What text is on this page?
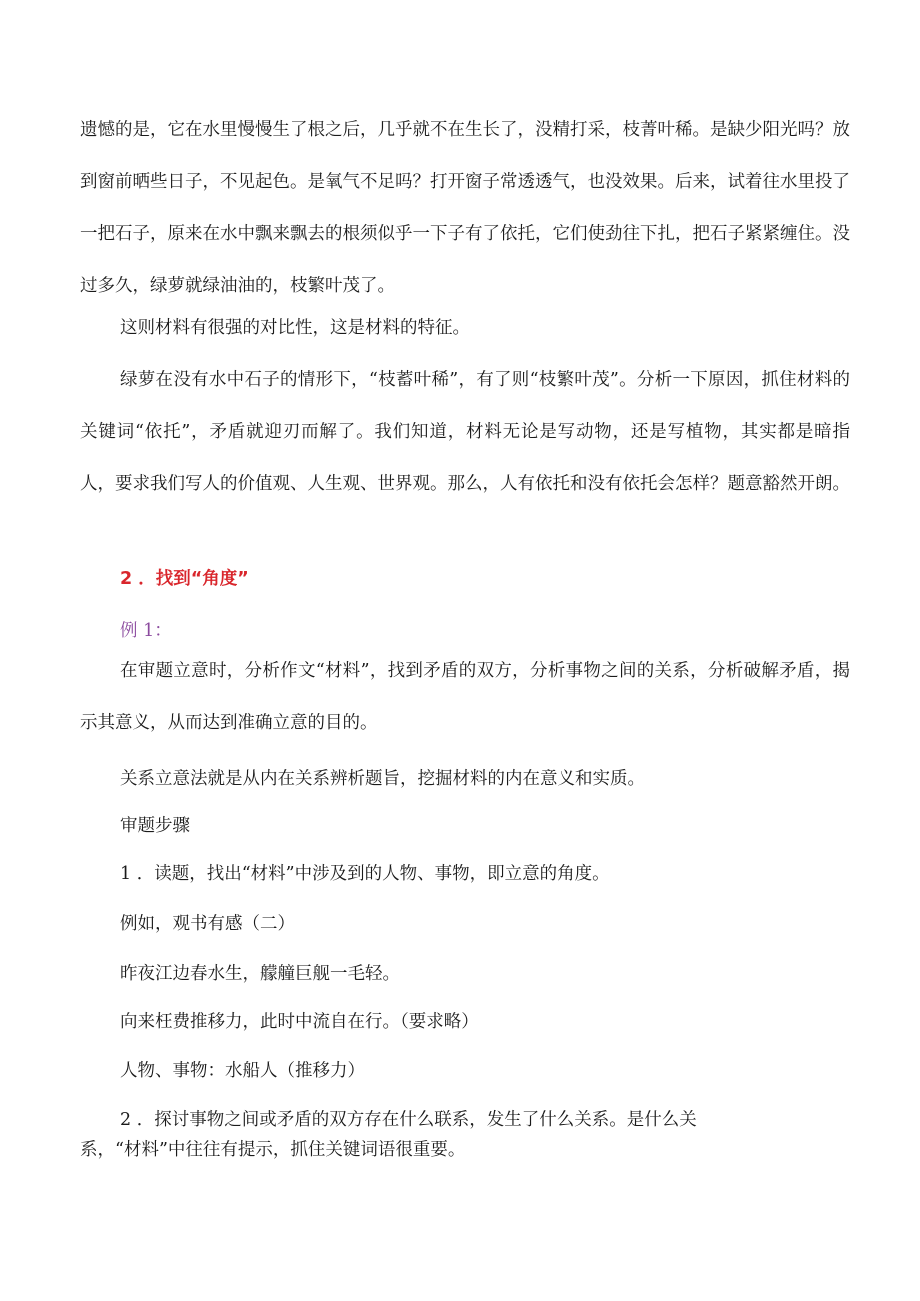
遗憾的是，它在水里慢慢生了根之后，几乎就不在生长了，没精打采，枝菁叶稀。是缺少阳光吗？放到窗前晒些日子，不见起色。是氧气不足吗？打开窗子常透透气，也没效果。后来，试着往水里投了一把石子，原来在水中飘来飘去的根须似乎一下子有了依托，它们使劲往下扎，把石子紧紧缠住。没过多久，绿萝就绿油油的，枝繁叶茂了。

这则材料有很强的对比性，这是材料的特征。

绿萝在没有水中石子的情形下，“枝蓄叶稀”，有了则“枝繁叶茂”。分析一下原因，抓住材料的关键词“依托”，矛盾就迎刃而解了。我们知道，材料无论是写动物，还是写植物，其实都是暗指人，要求我们写人的价值观、人生观、世界观。那么，人有依托和没有依托会怎样？题意豁然开朗。

2 ．找到“角度”

例 1：

在审题立意时，分析作文“材料”，找到矛盾的双方，分析事物之间的关系，分析破解矛盾，揭示其意义，从而达到准确立意的目的。

关系立意法就是从内在关系辨析题旨，挖掘材料的内在意义和实质。

审题步骤

1 ．读题，找出“材料”中涉及到的人物、事物，即立意的角度。

例如，观书有感（二）

昨夜江边春水生，艨艟巨舰一毛轻。

向来枉费推移力，此时中流自在行。（要求略）

人物、事物：水船人（推移力）

2 ．探讨事物之间或矛盾的双方存在什么联系，发生了什么关系。是什么关

系，“材料”中往往有提示，抓住关键词语很重要。
